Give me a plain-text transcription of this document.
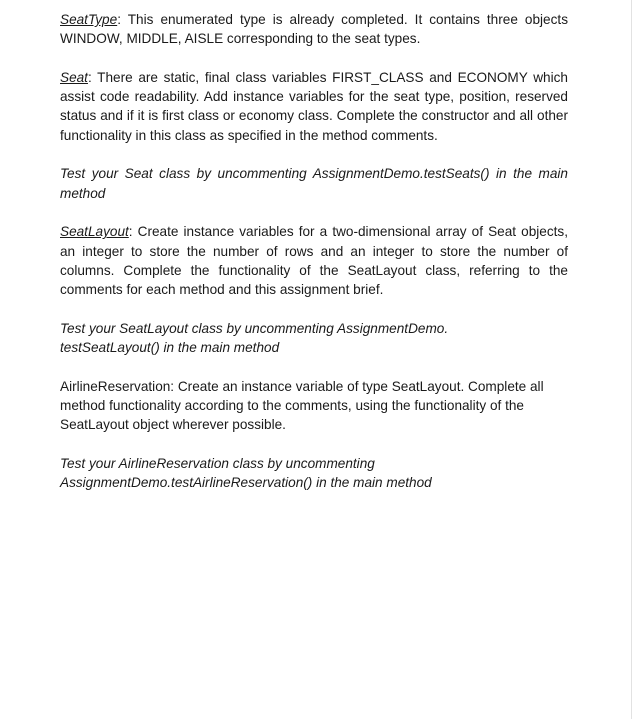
SeatType: This enumerated type is already completed. It contains three objects WINDOW, MIDDLE, AISLE corresponding to the seat types.

Seat: There are static, final class variables FIRST_CLASS and ECONOMY which assist code readability. Add instance variables for the seat type, position, reserved status and if it is first class or economy class. Complete the constructor and all other functionality in this class as specified in the method comments.

Test your Seat class by uncommenting AssignmentDemo.testSeats() in the main method

SeatLayout: Create instance variables for a two-dimensional array of Seat objects, an integer to store the number of rows and an integer to store the number of columns. Complete the functionality of the SeatLayout class, referring to the comments for each method and this assignment brief.

Test your SeatLayout class by uncommenting AssignmentDemo.
testSeatLayout() in the main method

AirlineReservation: Create an instance variable of type SeatLayout. Complete all method functionality according to the comments, using the functionality of the SeatLayout object wherever possible.

Test your AirlineReservation class by uncommenting
AssignmentDemo.testAirlineReservation() in the main method
